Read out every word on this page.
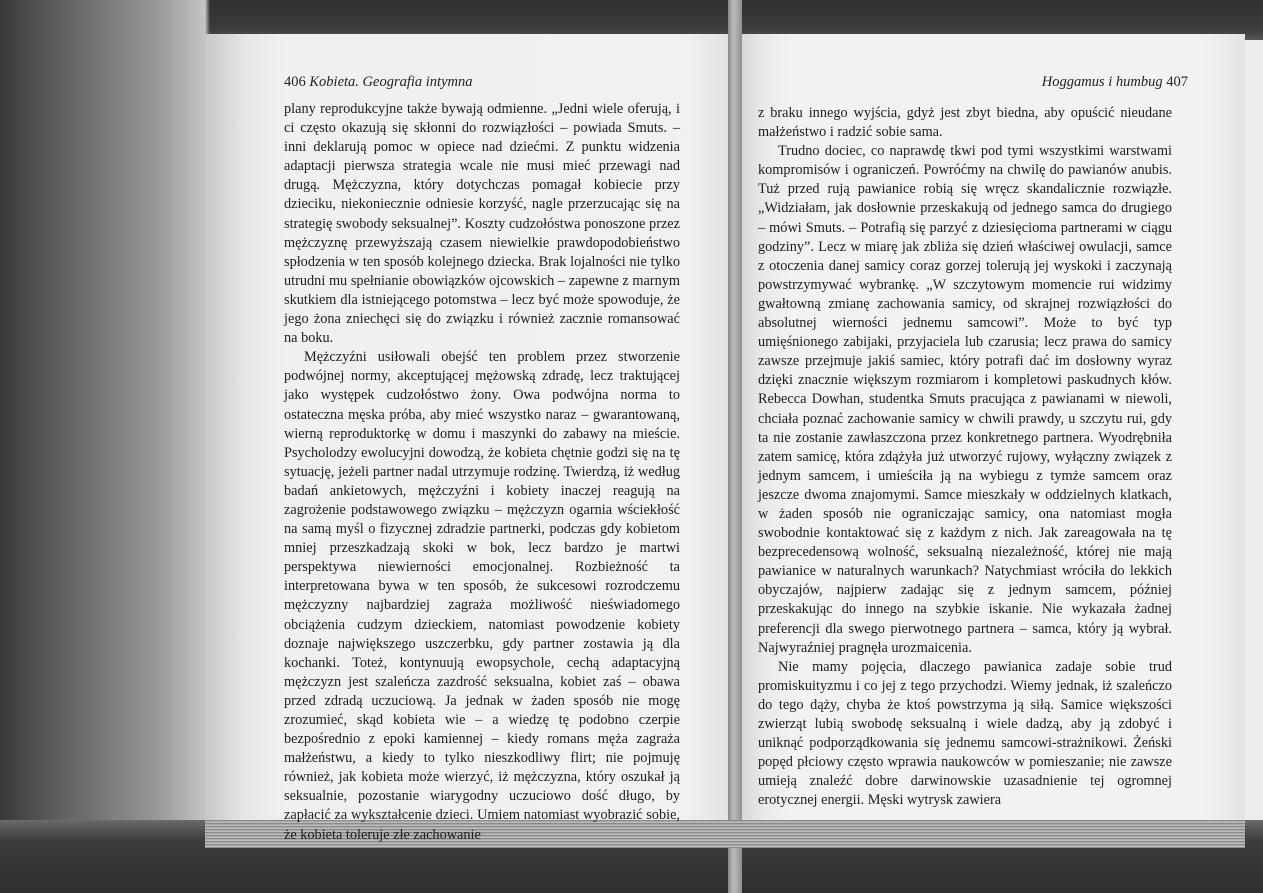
406 Kobieta. Geografia intymna	Hoggamus i humbug 407

plany reprodukcyjne także bywają odmienne. „Jedni wiele oferują, i ci często okazują się skłonni do rozwiązłości – powiada Smuts. – inni deklarują pomoc w opiece nad dziećmi. Z punktu widzenia adaptacji pierwsza strategia wcale nie musi mieć przewagi nad drugą. Mężczyzna, który dotychczas pomagał kobiecie przy dzieciku, niekoniecznie odniesie korzyść, nagle przerzucając się na strategię swobody seksualnej”. Koszty cudzołóstwa ponoszone przez mężczyznę przewyższają czasem niewielkie prawdopodobieństwo spłodzenia w ten sposób kolejnego dziecka. Brak lojalności nie tylko utrudni mu spełnianie obowiązków ojcowskich – zapewne z marnym skutkiem dla istniejącego potomstwa – lecz być może spowoduje, że jego żona zniechęci się do związku i również zacznie romansować na boku.

Mężczyźni usiłowali obejść ten problem przez stworzenie podwójnej normy, akceptującej mężowską zdradę, lecz traktującej jako występek cudzołóstwo żony. Owa podwójna norma to ostateczna męska próba, aby mieć wszystko naraz – gwarantowaną, wierną reproduktorkę w domu i maszynki do zabawy na mieście. Psycholodzy ewolucyjni dowodzą, że kobieta chętnie godzi się na tę sytuację, jeżeli partner nadal utrzymuje rodzinę. Twierdzą, iż według badań ankietowych, mężczyźni i kobiety inaczej reagują na zagrożenie podstawowego związku – mężczyzn ogarnia wściekłość na samą myśl o fizycznej zdradzie partnerki, podczas gdy kobietom mniej przeszkadzają skoki w bok, lecz bardzo je martwi perspektywa niewierności emocjonalnej. Rozbieżność ta interpretowana bywa w ten sposób, że sukcesowi rozrodczemu mężczyzny najbardziej zagraża możliwość nieświadomego obciążenia cudzym dzieckiem, natomiast powodzenie kobiety doznaje największego uszczerbku, gdy partner zostawia ją dla kochanki. Toteż, kontynuują ewopsychole, cechą adaptacyjną mężczyzn jest szaleńcza zazdrość seksualna, kobiet zaś – obawa przed zdradą uczuciową. Ja jednak w żaden sposób nie mogę zrozumieć, skąd kobieta wie – a wiedzę tę podobno czerpie bezpośrednio z epoki kamiennej – kiedy romans męża zagraża małżeństwu, a kiedy to tylko nieszkodliwy flirt; nie pojmuję również, jak kobieta może wierzyć, iż mężczyzna, który oszukał ją seksualnie, pozostanie wiarygodny uczuciowo dość długo, by zapłacić za wykształcenie dzieci. Umiem natomiast wyobrazić sobie, że kobieta toleruje złe zachowanie

z braku innego wyjścia, gdyż jest zbyt biedna, aby opuścić nieudane małżeństwo i radzić sobie sama.

Trudno dociec, co naprawdę tkwi pod tymi wszystkimi warstwami kompromisów i ograniczeń. Powróćmy na chwilę do pawianów anubis. Tuż przed rują pawianice robią się wręcz skandalicznie rozwiązłe. „Widziałam, jak dosłownie przeskakują od jednego samca do drugiego – mówi Smuts. – Potrafią się parzyć z dziesięcioma partnerami w ciągu godziny”. Lecz w miarę jak zbliża się dzień właściwej owulacji, samce z otoczenia danej samicy coraz gorzej tolerują jej wyskoki i zaczynają powstrzymywać wybrankę. „W szczytowym momencie rui widzimy gwałtowną zmianę zachowania samicy, od skrajnej rozwiązłości do absolutnej wierności jednemu samcowi”. Może to być typ umięśnionego zabijaki, przyjaciela lub czarusia; lecz prawa do samicy zawsze przejmuje jakiś samiec, który potrafi dać im dosłowny wyraz dzięki znacznie większym rozmiarom i kompletowi paskudnych kłów. Rebecca Dowhan, studentka Smuts pracująca z pawianami w niewoli, chciała poznać zachowanie samicy w chwili prawdy, u szczytu rui, gdy ta nie zostanie zawłaszczona przez konkretnego partnera. Wyodrębniła zatem samicę, która zdążyła już utworzyć rujowy, wyłączny związek z jednym samcem, i umieściła ją na wybiegu z tymże samcem oraz jeszcze dwoma znajomymi. Samce mieszkały w oddzielnych klatkach, w żaden sposób nie ograniczając samicy, ona natomiast mogła swobodnie kontaktować się z każdym z nich. Jak zareagowała na tę bezprecedensową wolność, seksualną niezależność, której nie mają pawianice w naturalnych warunkach? Natychmiast wróciła do lekkich obyczajów, najpierw zadając się z jednym samcem, później przeskakując do innego na szybkie iskanie. Nie wykazała żadnej preferencji dla swego pierwotnego partnera – samca, który ją wybrał. Najwyraźniej pragnęła urozmaicenia.

Nie mamy pojęcia, dlaczego pawianica zadaje sobie trud promiskuityzmu i co jej z tego przychodzi. Wiemy jednak, iż szaleńczo do tego dąży, chyba że ktoś powstrzyma ją siłą. Samice większości zwierząt lubią swobodę seksualną i wiele dadzą, aby ją zdobyć i uniknąć podporządkowania się jednemu samcowi-strażnikowi. Żeński popęd płciowy często wprawia naukowców w pomieszanie; nie zawsze umieją znaleźć dobre darwinowskie uzasadnienie tej ogromnej erotycznej energii. Męski wytrysk zawiera
